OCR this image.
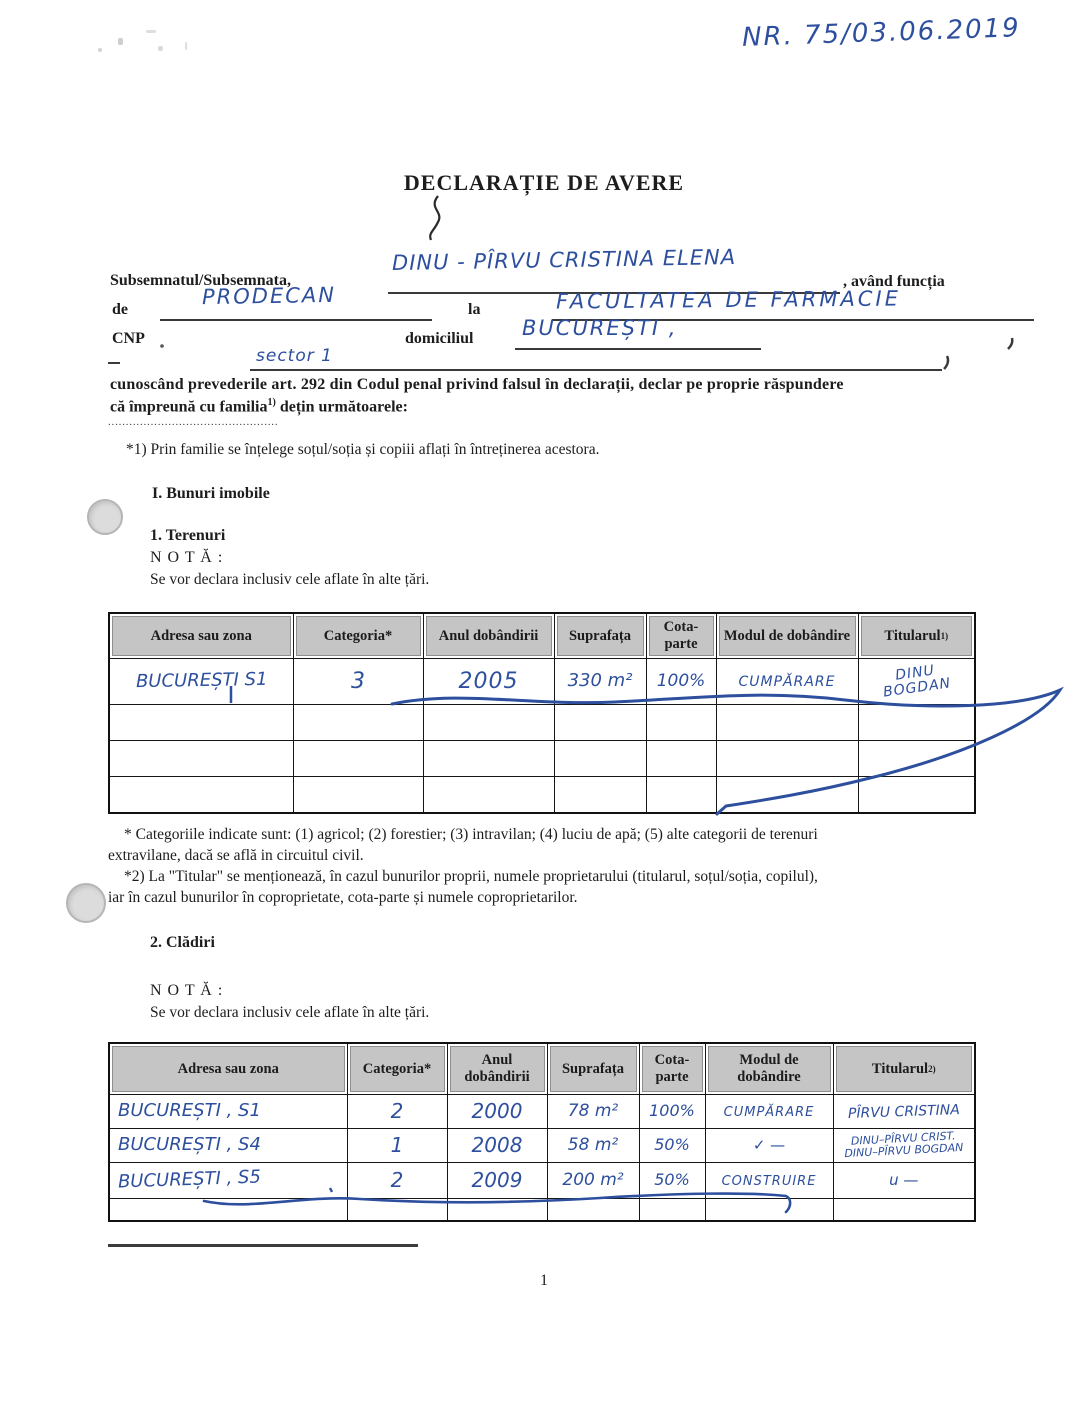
NR. 75/03.06.2019
DECLARAȚIE DE AVERE
Subsemnatul/Subsemnata,
DINU - PÎRVU CRISTINA ELENA
, având funcția
de
PRODECAN
la	FACULTATEA DE FARMACIE
CNP	domiciliul BUCUREȘTI ,
sector 1
cunoscând prevederile art. 292 din Codul penal privind falsul în declarații, declar pe proprie răspundere
că împreună cu familia$^{1)}$ dețin următoarele:
................................................
*1) Prin familie se înțelege soțul/soția și copiii aflați în întreținerea acestora.
I. Bunuri imobile
1. Terenuri
N O T Ă :
Se vor declara inclusiv cele aflate în alte țări.
Adresa sau zona	Categoria*	Anul dobândirii	Suprafața	Cota-parte	Modul de dobândire	Titularul 1)

BUCUREȘTI S1	3	2005	330 m²	100%	CUMPĂRARE	DINU
BOGDAN

* Categoriile indicate sunt: (1) agricol; (2) forestier; (3) intravilan; (4) luciu de apă; (5) alte categorii de terenuri
extravilane, dacă se află in circuitul civil.
*2) La "Titular" se menționează, în cazul bunurilor proprii, numele proprietarului (titularul, soțul/soția, copilul),
iar în cazul bunurilor în coproprietate, cota-parte și numele coproprietarilor.
2. Clădiri
N O T Ă :
Se vor declara inclusiv cele aflate în alte țări.
Adresa sau zona	Categoria*	Anul dobândirii	Suprafața	Cota-parte	Modul de dobândire	Titularul 2)

BUCUREȘTI , S1	2	2000	78 m²	100%	CUMPĂRARE	PÎRVU CRISTINA
BUCUREȘTI , S4	1	2008	58 m²	50%	✓ —	DINU–PÎRVU CRIST.
DINU–PÎRVU BOGDAN
BUCUREȘTI , S5	2	2009	200 m²	50%	CONSTRUIRE	u —

1
